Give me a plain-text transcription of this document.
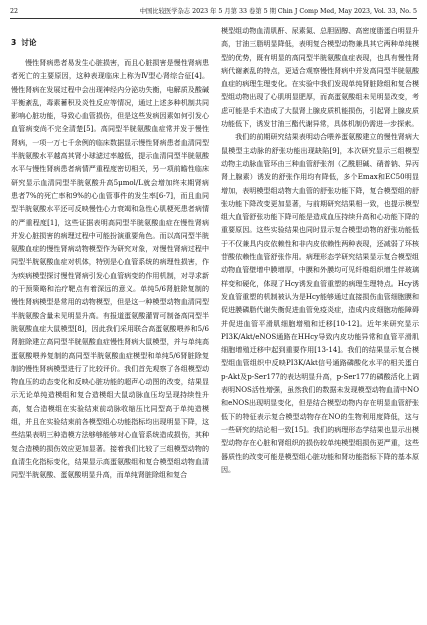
22	中国比较医学杂志 2023 年 5 月第 33 卷第 5 期 Chin J Comp Med, May 2023, Vol. 33, No. 5
3 讨论

慢性肾病患者易发生心脏损害，而且心脏损害是慢性肾病患者死亡的主要原因，这种表现临床上称为Ⅳ型心肾综合征[4]。慢性肾病在发展过程中会出现神经内分泌功失衡，电解质及酸碱平衡紊乱，毒素蓄积及炎性反应等情况，通过上述多种机制共同影响心脏功能，导致心血管损伤，但是这些发病因素如何引发心血管病变尚不完全清楚[5]。高同型半胱氨酸血症常并发于慢性肾病，一项一万七千余例的临床数据显示慢性肾病患者血清同型半胱氨酸水平越高其肾小球滤过率越低，提示血清同型半胱氨酸水平与慢性肾病患者病情严重程度密切相关，另一项前瞻性临床研究显示血清同型半胱氨酸升高5μmol/L就会增加终末期肾病患者7%的死亡率和9%的心血管事件的发生率[6-7]，而且血同型半胱氨酸水平还可反映慢性心力衰竭和急性心肌梗死患者病情的严重程度[1]，这些证据表明高同型半胱氨酸血症在慢性肾病并发心脏损害的病理过程中可能扮演重要角色。而以高同型半胱氨酸血症的慢性肾病动物模型作为研究对象，对慢性肾病过程中同型半胱氨酸血症对机体，特别是心血管系统的病理性损害，作为疾病模型探讨慢性肾病引发心血管病变的作用机制，对寻求新的干预策略和治疗靶点有着深远的意义。单纯5/6肾脏除复制的慢性肾病模型是常用的动物模型，但是这一种模型动物血清同型半胱氨酸含量未见明显升高。有报道蛋氨酸灌胃可制备高同型半胱氨酸血症大鼠模型[8]，因此我们采用联合高蛋氨酸喂养和5/6肾脏除建立高同型半胱氨酸血症慢性肾病大鼠模型，并与单纯高蛋氨酸喂养复制的高同型半胱氨酸血症模型和单纯5/6肾脏除复制的慢性肾病模型进行了比较评价。我们首先观察了各组模型动物血压的动态变化和反映心脏功能的超声心动图的改变，结果显示无论单纯造模组和复合造模组大鼠动脉血压均呈现持续性升高，复合造模组在实验结束前动脉收缩压比同型高于单纯造模组，并且在实验结束前各模型组心功能指标均出现明显下降，这些结果表明三种造模方法够够能够对心血管系统造成损伤，其种复合造模的损伤效应更加显著。接着我们比较了三组模型动物的血清生化指标变化，结果显示高蛋氨酸组和复合模型组动物血清同型半胱氨酸、蛋氨酸明显升高，而单纯肾脏除组和复合

模型组动物血清肌酐、尿素氮、总胆固醇、高密度脂蛋白明显升高，甘油三脂明显降低，表明复合模型动物兼具其它两种单纯模型的优势，既有明显的高同型半胱氨酸血症表现，也具有慢性肾病代谢紊乱的特点，更适合观察慢性肾病中并发高同型半胱氨酸血症的病理生理变化。在实验中我们发现单纯肾脏除组和复合模型组动物出现了心肌明显肥厚，而高蛋氨酸组未见明显改变，考虑可能是手术造成了大鼠肾上腺皮质机能损伤，引起肾上腺皮质功能低下，诱发甘油三酯代谢异常，具体机制仍需进一步探索。

我们的前期研究结果表明动合喂养蛋氨酸建立的慢性肾病大鼠模型主动脉的舒张功能出现缺陷[9]，本次研究显示三组模型动物主动脉血管环由三种血管舒张剂（乙酰胆碱、硝普钠、异丙肾上腺素）诱发的舒张作用均有降低，多个Emax和EC50明显增加，表明模型组动物大血管的舒张功能下降，复合模型组的舒张功能下降改变更加显著，与前期研究结果相一致，也提示模型组大血管舒张功能下降可能是造成血压持续升高和心功能下降的重要原因。这些实验结果也同时显示复合模型动物的舒张功能低于不仅兼具内皮依赖性和非内皮依赖性两种表现，还减弱了环核苷酸依赖性血管舒张作用。病理形态学研究结果显示复合模型组动物血管壁增中膜增厚，中膜和外膜均可见纤维组织增生伴玻璃样变和硬化，体现了Hcy诱发血管重塑的病理生理特点。Hcy诱发血管重塑的机制被认为是Hcy能够通过直接损伤血管细胞膜和促进膜磷脂代谢失衡促进血管免疫炎症，造成内皮细胞功能障碍并促进血管平滑肌细胞增殖和迁移[10-12]。近年来研究显示PI3K/Akt/eNOS通路在HHcy导致内皮功能异常和血管平滑肌细胞增殖迁移中起到重要作用[13-14]。我们的结果显示复合模型组血管组织中反映PI3K/Akt信号通路磷酸化水平的相关蛋白p-Akt及p-Ser177的表达明显升高，p-Ser177的磷酸活化上调表明NOS活性增强，虽然我们的数据未发现模型动物血清中NO和eNOS出现明显变化，但是结合模型动物内存在明显血管舒张低下的特征表示复合模型动物存在NO的生物利用度降低，这与一些研究的结论相一致[15]。我们的病理形态学结果也显示出模型动物存在心脏和肾组织的损伤较单纯模型组损伤更严重，这些器质性的改变可能是模型组心脏功能和肾功能指标下降的基本原因。
